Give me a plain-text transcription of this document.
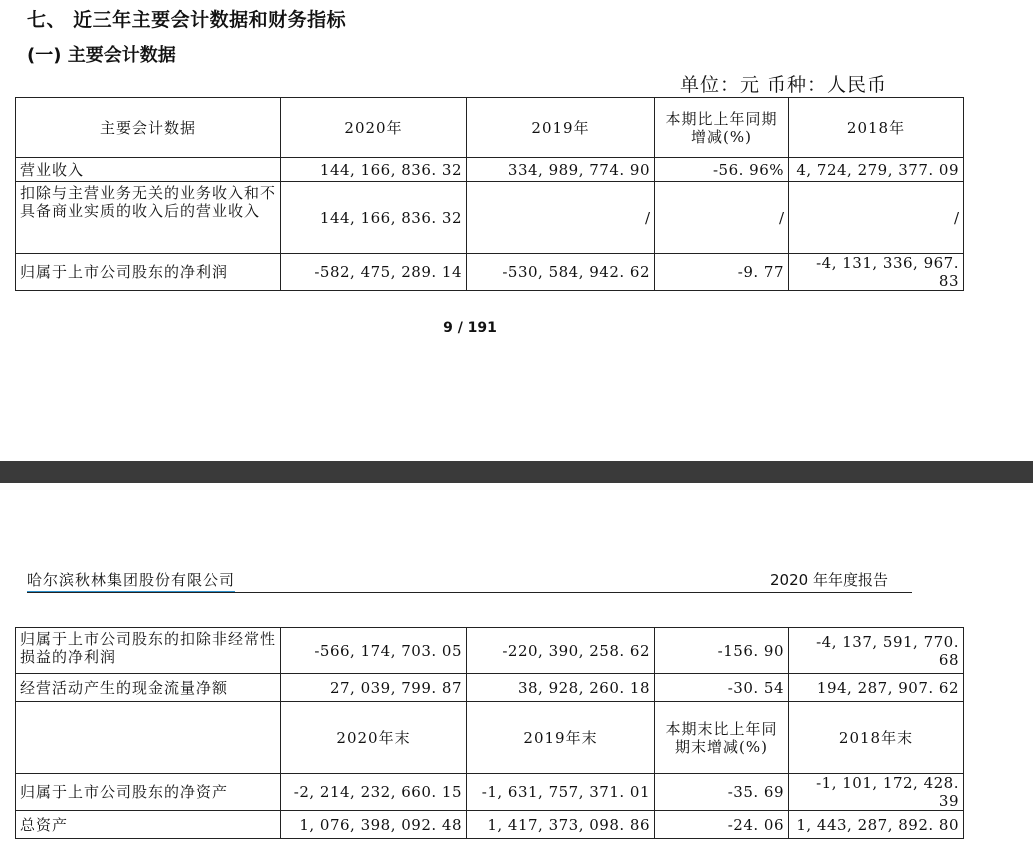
七、 近三年主要会计数据和财务指标
(一) 主要会计数据
单位：元 币种：人民币
主要会计数据	2020年	2019年	本期比上年同期增减(%)	2018年
营业收入	144, 166, 836. 32	334, 989, 774. 90	-56. 96%	4, 724, 279, 377. 09
扣除与主营业务无关的业务收入和不具备商业实质的收入后的营业收入	144, 166, 836. 32	/	/	/
归属于上市公司股东的净利润	-582, 475, 289. 14	-530, 584, 942. 62	-9. 77	-4, 131, 336, 967. 83
9 / 191
哈尔滨秋林集团股份有限公司	2020 年年度报告
归属于上市公司股东的扣除非经常性损益的净利润	-566, 174, 703. 05	-220, 390, 258. 62	-156. 90	-4, 137, 591, 770. 68
经营活动产生的现金流量净额	27, 039, 799. 87	38, 928, 260. 18	-30. 54	194, 287, 907. 62
	2020年末	2019年末	本期末比上年同期末增减(%)	2018年末
归属于上市公司股东的净资产	-2, 214, 232, 660. 15	-1, 631, 757, 371. 01	-35. 69	-1, 101, 172, 428. 39
总资产	1, 076, 398, 092. 48	1, 417, 373, 098. 86	-24. 06	1, 443, 287, 892. 80
